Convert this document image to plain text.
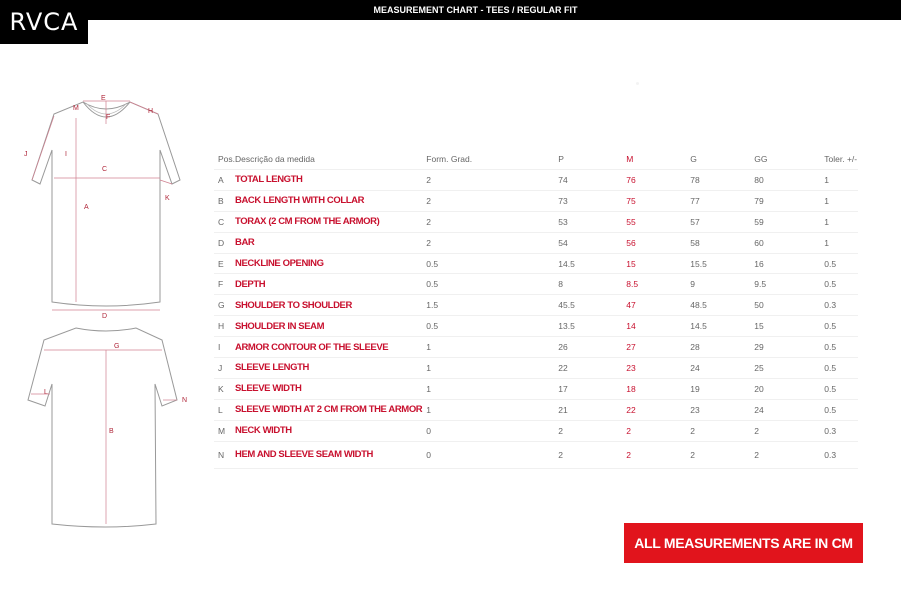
MEASUREMENT CHART - TEES / REGULAR FIT
RVCA
M
E
H
F
J	I
C
K
A
D
G
L
N
B
Pos.	Descrição da medida	Form. Grad.	P	M	G	GG	Toler. +/-
A	TOTAL LENGTH	2	74	76	78	80	1
B	BACK LENGTH WITH COLLAR	2	73	75	77	79	1
C	TORAX (2 CM FROM THE ARMOR)	2	53	55	57	59	1
D	BAR	2	54	56	58	60	1
E	NECKLINE OPENING	0.5	14.5	15	15.5	16	0.5
F	DEPTH	0.5	8	8.5	9	9.5	0.5
G	SHOULDER TO SHOULDER	1.5	45.5	47	48.5	50	0.3
H	SHOULDER IN SEAM	0.5	13.5	14	14.5	15	0.5
I	ARMOR CONTOUR OF THE SLEEVE	1	26	27	28	29	0.5
J	SLEEVE LENGTH	1	22	23	24	25	0.5
K	SLEEVE WIDTH	1	17	18	19	20	0.5
L	SLEEVE WIDTH AT 2 CM FROM THE ARMOR	1	21	22	23	24	0.5
M	NECK WIDTH	0	2	2	2	2	0.3
N	HEM AND SLEEVE SEAM WIDTH	0	2	2	2	2	0.3
ALL MEASUREMENTS ARE IN CM
